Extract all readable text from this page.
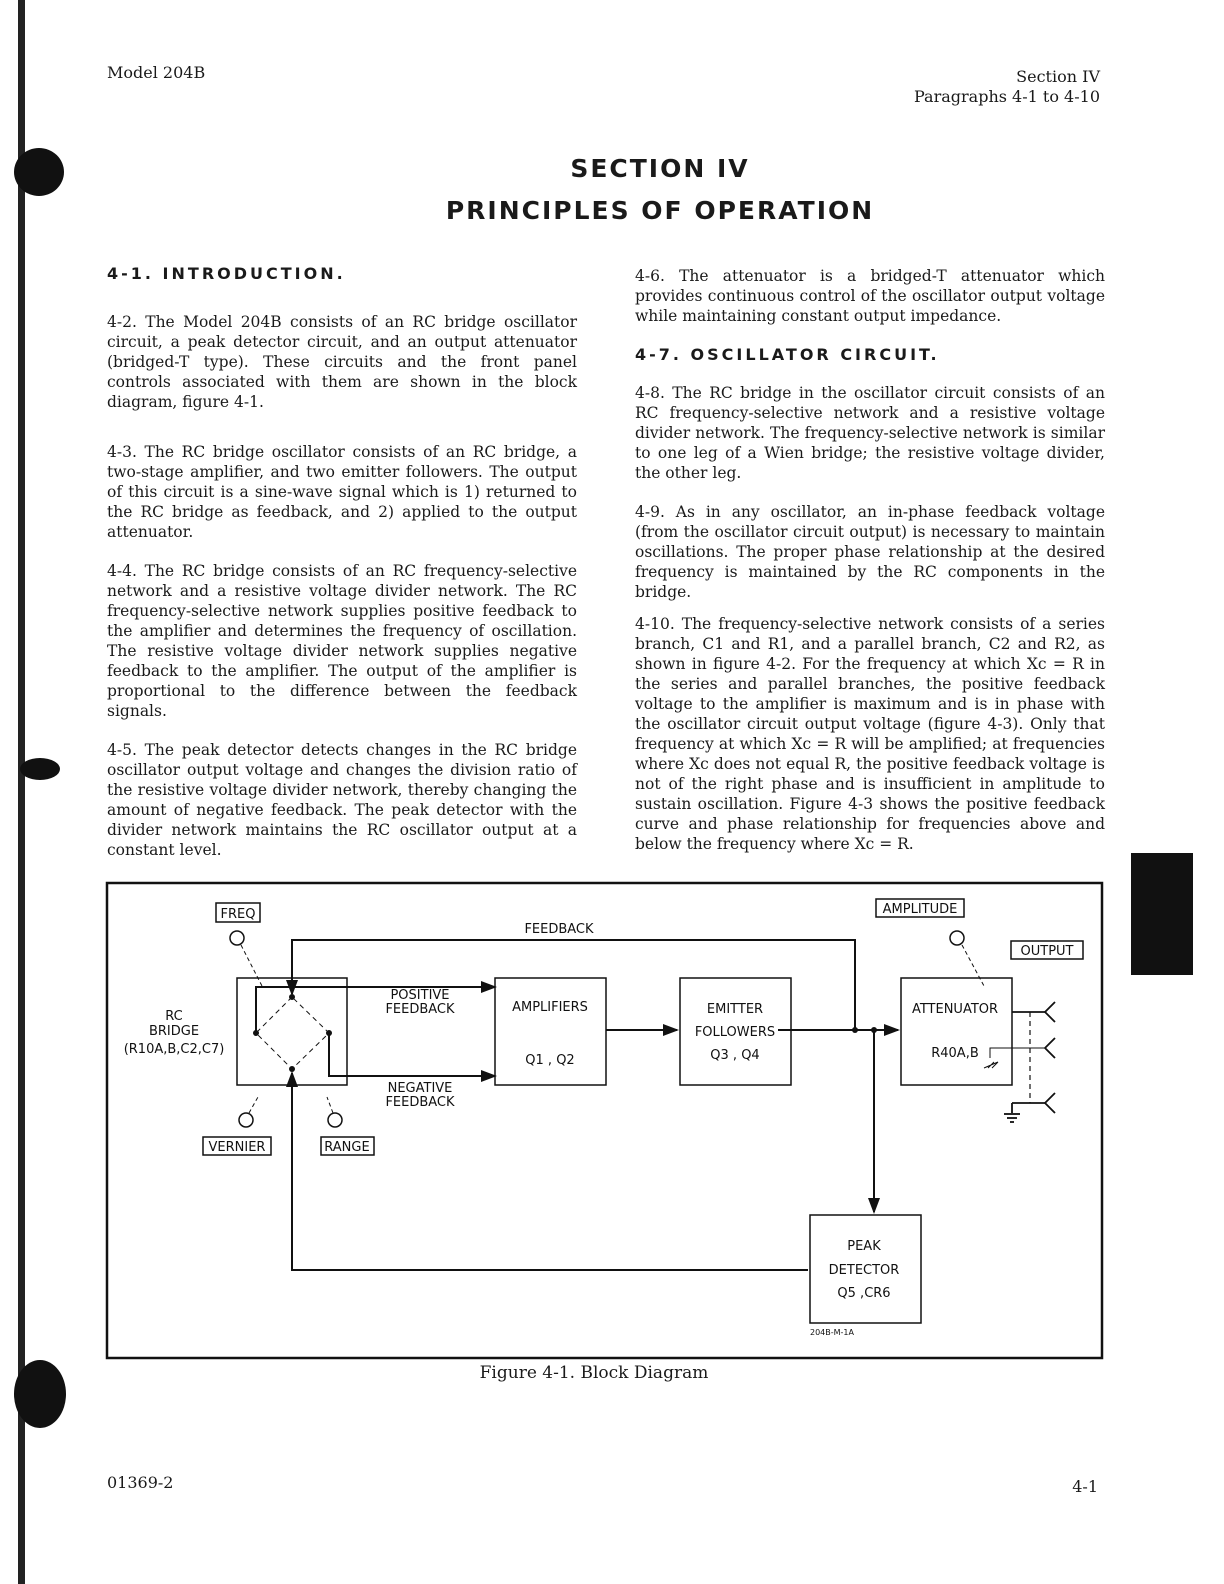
Model 204B	Section IV
Paragraphs 4-1 to 4-10
SECTION IV
PRINCIPLES OF OPERATION
4-1. INTRODUCTION.

4-2. The Model 204B consists of an RC bridge oscillator circuit, a peak detector circuit, and an output attenuator (bridged-T type). These circuits and the front panel controls associated with them are shown in the block diagram, figure 4-1.

4-3. The RC bridge oscillator consists of an RC bridge, a two-stage amplifier, and two emitter followers. The output of this circuit is a sine-wave signal which is 1) returned to the RC bridge as feedback, and 2) applied to the output attenuator.

4-4. The RC bridge consists of an RC frequency-selective network and a resistive voltage divider network. The RC frequency-selective network supplies positive feedback to the amplifier and determines the frequency of oscillation. The resistive voltage divider network supplies negative feedback to the amplifier. The output of the amplifier is proportional to the difference between the feedback signals.

4-5. The peak detector detects changes in the RC bridge oscillator output voltage and changes the division ratio of the resistive voltage divider network, thereby changing the amount of negative feedback. The peak detector with the divider network maintains the RC oscillator output at a constant level.

4-6. The attenuator is a bridged-T attenuator which provides continuous control of the oscillator output voltage while maintaining constant output impedance.

4-7. OSCILLATOR CIRCUIT.

4-8. The RC bridge in the oscillator circuit consists of an RC frequency-selective network and a resistive voltage divider network. The frequency-selective network is similar to one leg of a Wien bridge; the resistive voltage divider, the other leg.

4-9. As in any oscillator, an in-phase feedback voltage (from the oscillator circuit output) is necessary to maintain oscillations. The proper phase relationship at the desired frequency is maintained by the RC components in the bridge.

4-10. The frequency-selective network consists of a series branch, C1 and R1, and a parallel branch, C2 and R2, as shown in figure 4-2. For the frequency at which Xc = R in the series and parallel branches, the positive feedback voltage to the amplifier is maximum and is in phase with the oscillator circuit output voltage (figure 4-3). Only that frequency at which Xc = R will be amplified; at frequencies where Xc does not equal R, the positive feedback voltage is not of the right phase and is insufficient in amplitude to sustain oscillation. Figure 4-3 shows the positive feedback curve and phase relationship for frequencies above and below the frequency where Xc = R.

FREQ
VERNIER	RANGE
AMPLITUDE
OUTPUT
RC
BRIDGE
(R10A,B,C2,C7)
FEEDBACK
POSITIVE
FEEDBACK
NEGATIVE
FEEDBACK
AMPLIFIERS
Q1 , Q2
EMITTER
FOLLOWERS
Q3 , Q4
ATTENUATOR
R40A,B
PEAK
DETECTOR
Q5 ,CR6
204B-M-1A
Figure 4-1. Block Diagram
01369-2	4-1
